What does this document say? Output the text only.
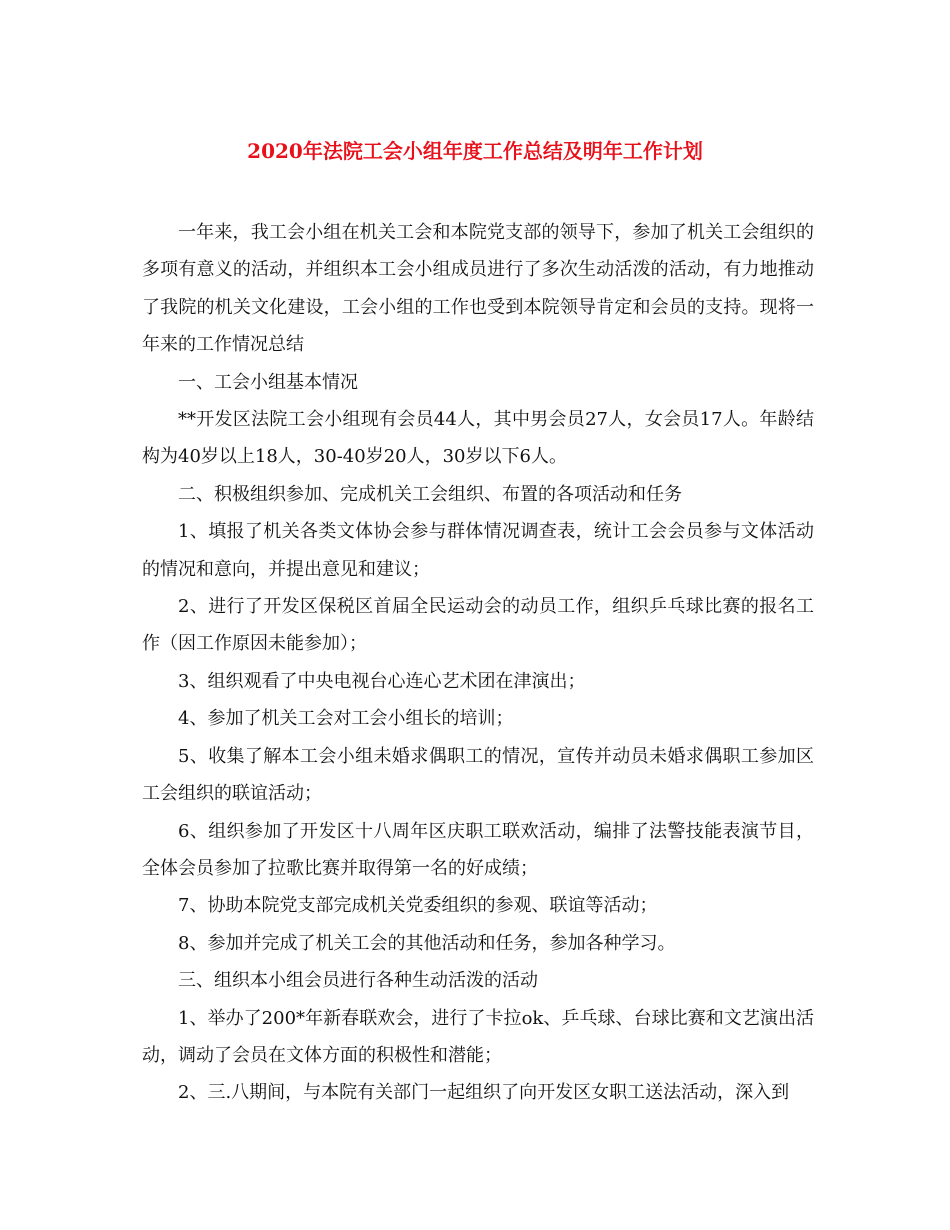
2020年法院工会小组年度工作总结及明年工作计划

一年来，我工会小组在机关工会和本院党支部的领导下，参加了机关工会组织的多项有意义的活动，并组织本工会小组成员进行了多次生动活泼的活动，有力地推动了我院的机关文化建设，工会小组的工作也受到本院领导肯定和会员的支持。现将一年来的工作情况总结

一、工会小组基本情况

**开发区法院工会小组现有会员44人，其中男会员27人，女会员17人。年龄结构为40岁以上18人，30-40岁20人，30岁以下6人。

二、积极组织参加、完成机关工会组织、布置的各项活动和任务

1、填报了机关各类文体协会参与群体情况调查表，统计工会会员参与文体活动的情况和意向，并提出意见和建议；

2、进行了开发区保税区首届全民运动会的动员工作，组织乒乓球比赛的报名工作（因工作原因未能参加）；

3、组织观看了中央电视台心连心艺术团在津演出；

4、参加了机关工会对工会小组长的培训；

5、收集了解本工会小组未婚求偶职工的情况，宣传并动员未婚求偶职工参加区工会组织的联谊活动；

6、组织参加了开发区十八周年区庆职工联欢活动，编排了法警技能表演节目，全体会员参加了拉歌比赛并取得第一名的好成绩；

7、协助本院党支部完成机关党委组织的参观、联谊等活动；

8、参加并完成了机关工会的其他活动和任务，参加各种学习。

三、组织本小组会员进行各种生动活泼的活动

1、举办了200*年新春联欢会，进行了卡拉ok、乒乓球、台球比赛和文艺演出活动，调动了会员在文体方面的积极性和潜能；

2、三.八期间，与本院有关部门一起组织了向开发区女职工送法活动，深入到
